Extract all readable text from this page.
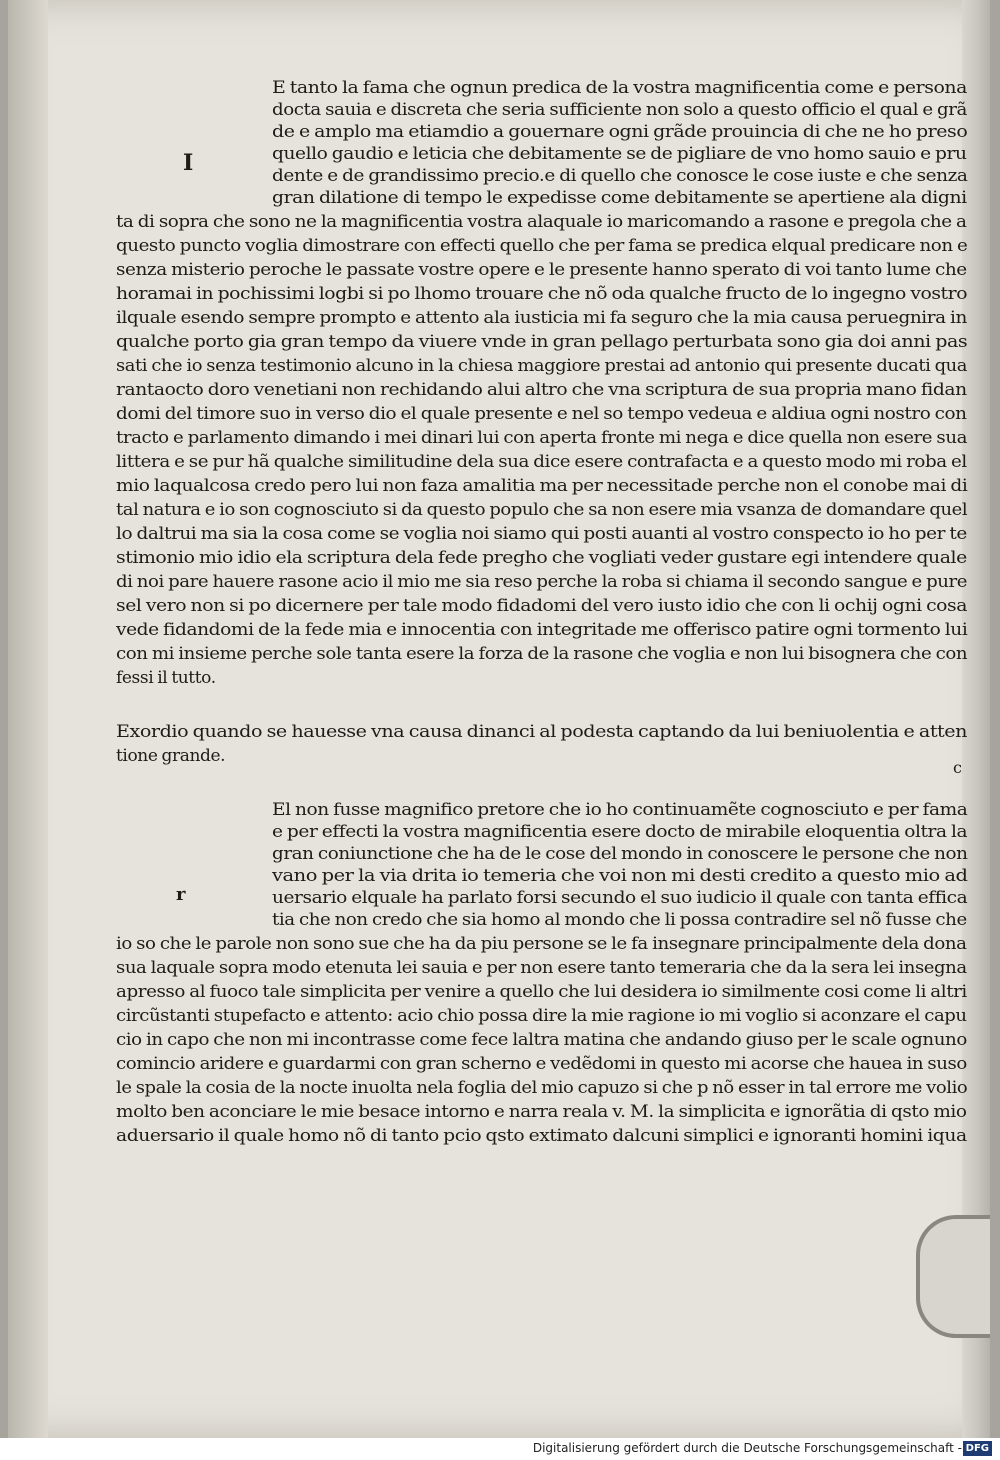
E tanto la fama che ognun predica de la vostra magnificentia come e persona
docta sauia e discreta che seria sufficiente non solo a questo officio el qual e grã
de e amplo ma etiamdio a gouernare ogni grãde prouincia di che ne ho preso
quello gaudio e leticia che debitamente se de pigliare de vno homo sauio e pru
dente e de grandissimo precio.e di quello che conosce le cose iuste e che senza
gran dilatione di tempo le expedisse come debitamente se apertiene ala digni
ta di sopra che sono ne la magnificentia vostra alaquale io maricomando a rasone e pregola che a
questo puncto voglia dimostrare con effecti quello che per fama se predica elqual predicare non e
senza misterio peroche le passate vostre opere e le presente hanno sperato di voi tanto lume che
horamai in pochissimi logbi si po lhomo trouare che nõ oda qualche fructo de lo ingegno vostro
ilquale esendo sempre prompto e attento ala iusticia mi fa seguro che la mia causa peruegnira in
qualche porto gia gran tempo da viuere vnde in gran pellago perturbata sono gia doi anni pas
sati che io senza testimonio alcuno in la chiesa maggiore prestai ad antonio qui presente ducati qua
rantaocto doro venetiani non rechidando alui altro che vna scriptura de sua propria mano fidan
domi del timore suo in verso dio el quale presente e nel so tempo vedeua e aldiua ogni nostro con
tracto e parlamento dimando i mei dinari lui con aperta fronte mi nega e dice quella non esere sua
littera e se pur hã qualche similitudine dela sua dice esere contrafacta e a questo modo mi roba el
mio laqualcosa credo pero lui non faza amalitia ma per necessitade perche non el conobe mai di
tal natura e io son cognosciuto si da questo populo che sa non esere mia vsanza de domandare quel
lo daltrui ma sia la cosa come se voglia noi siamo qui posti auanti al vostro conspecto io ho per te
stimonio mio idio ela scriptura dela fede pregho che vogliati veder gustare egi intendere quale
di noi pare hauere rasone acio il mio me sia reso perche la roba si chiama il secondo sangue e pure
sel vero non si po dicernere per tale modo fidadomi del vero iusto idio che con li ochij ogni cosa
vede fidandomi de la fede mia e innocentia con integritade me offerisco patire ogni tormento lui
con mi insieme perche sole tanta esere la forza de la rasone che voglia e non lui bisognera che con
fessi il tutto.
Exordio quando se hauesse vna causa dinanci al podesta captando da lui beniuolentia e atten
tione grande.
El non fusse magnifico pretore che io ho continuamẽte cognosciuto e per fama
e per effecti la vostra magnificentia esere docto de mirabile eloquentia oltra la
gran coniunctione che ha de le cose del mondo in conoscere le persone che non
vano per la via drita io temeria che voi non mi desti credito a questo mio ad
uersario elquale ha parlato forsi secundo el suo iudicio il quale con tanta effica
tia che non credo che sia homo al mondo che li possa contradire sel nõ fusse che
io so che le parole non sono sue che ha da piu persone se le fa insegnare principalmente dela dona
sua laquale sopra modo etenuta lei sauia e per non esere tanto temeraria che da la sera lei insegna
apresso al fuoco tale simplicita per venire a quello che lui desidera io similmente cosi come li altri
circũstanti stupefacto e attento: acio chio possa dire la mie ragione io mi voglio si aconzare el capu
cio in capo che non mi incontrasse come fece laltra matina che andando giuso per le scale ognuno
comincio aridere e guardarmi con gran scherno e vedẽdomi in questo mi acorse che hauea in suso
le spale la cosia de la nocte inuolta nela foglia del mio capuzo si che p nõ esser in tal errore me volio
molto ben aconciare le mie besace intorno e narra reala v. M. la simplicita e ignorãtia di qsto mio
aduersario il quale homo nõ di tanto pcio qsto extimato dalcuni simplici e ignoranti homini iqua
I
c
r
Digitalisierung gefördert durch die Deutsche Forschungsgemeinschaft - DFG
